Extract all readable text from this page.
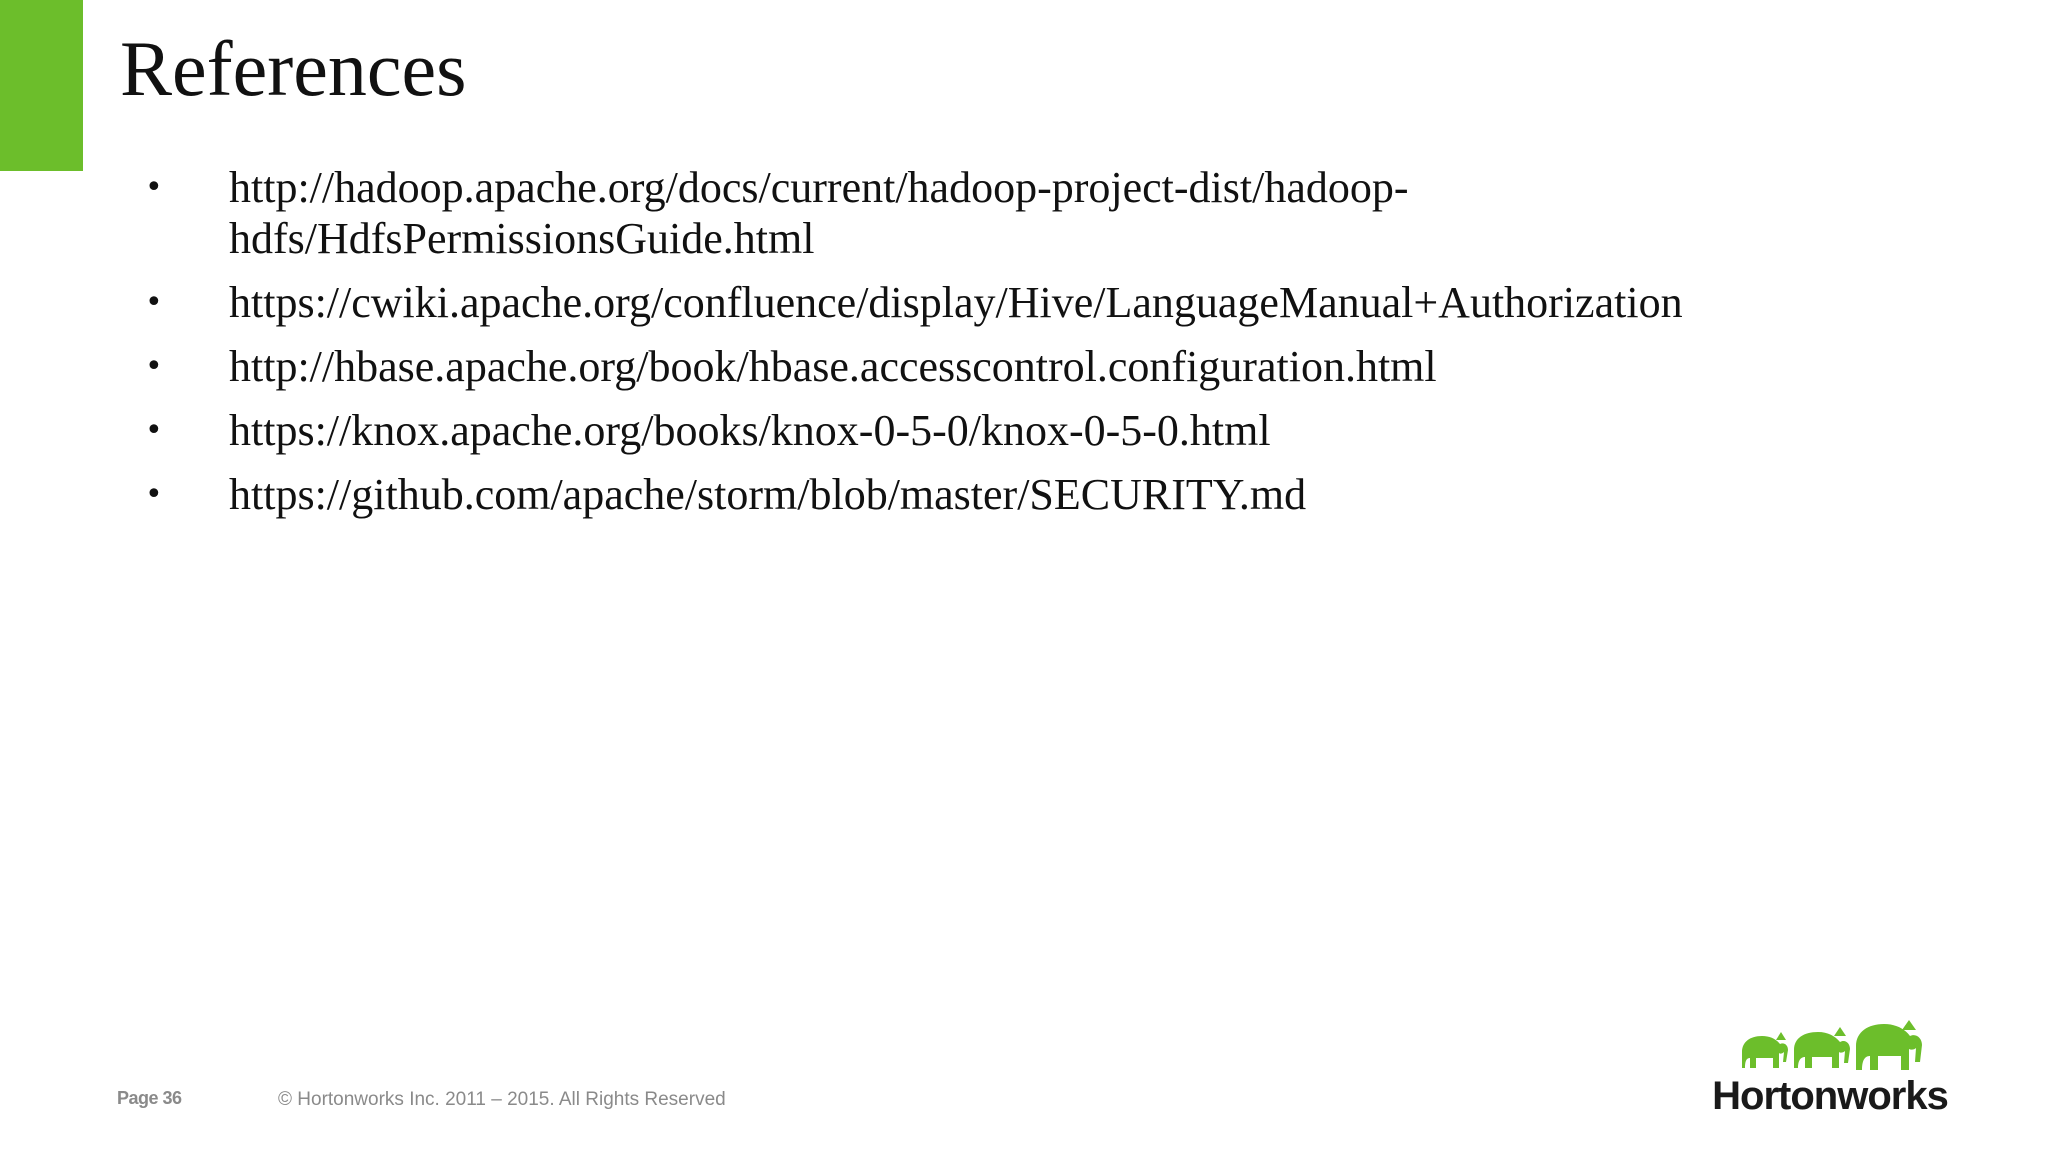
References
• http://hadoop.apache.org/docs/current/hadoop-project-dist/hadoop-hdfs/HdfsPermissionsGuide.html
• https://cwiki.apache.org/confluence/display/Hive/LanguageManual+Authorization
• http://hbase.apache.org/book/hbase.accesscontrol.configuration.html
• https://knox.apache.org/books/knox-0-5-0/knox-0-5-0.html
• https://github.com/apache/storm/blob/master/SECURITY.md
Page 36	© Hortonworks Inc. 2011 – 2015. All Rights Reserved	Hortonworks
